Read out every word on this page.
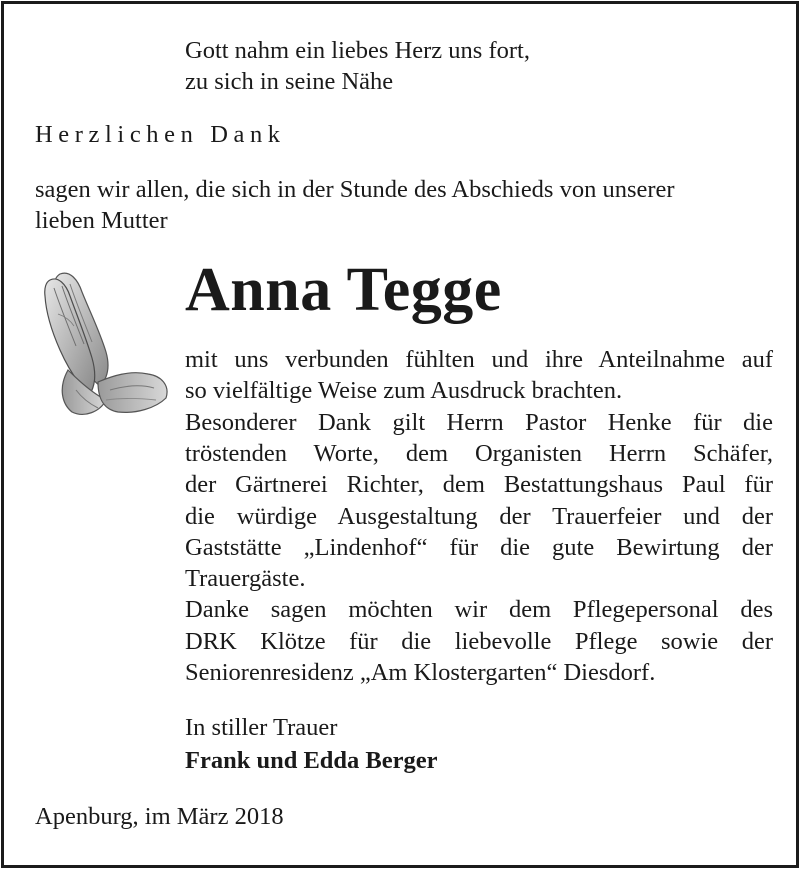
Gott nahm ein liebes Herz uns fort,

zu sich in seine Nähe

Herzlichen Dank

sagen wir allen, die sich in der Stunde des Abschieds von unserer

lieben Mutter

Anna Tegge

mit uns verbunden fühlten und ihre Anteilnahme auf

so vielfältige Weise zum Ausdruck brachten.

Besonderer Dank gilt Herrn Pastor Henke für die

tröstenden Worte, dem Organisten Herrn Schäfer,

der Gärtnerei Richter, dem Bestattungshaus Paul für

die würdige Ausgestaltung der Trauerfeier und der

Gaststätte „Lindenhof“ für die gute Bewirtung der

Trauergäste.

Danke sagen möchten wir dem Pflegepersonal des

DRK Klötze für die liebevolle Pflege sowie der

Seniorenresidenz „Am Klostergarten“ Diesdorf.

In stiller Trauer

Frank und Edda Berger

Apenburg, im März 2018
